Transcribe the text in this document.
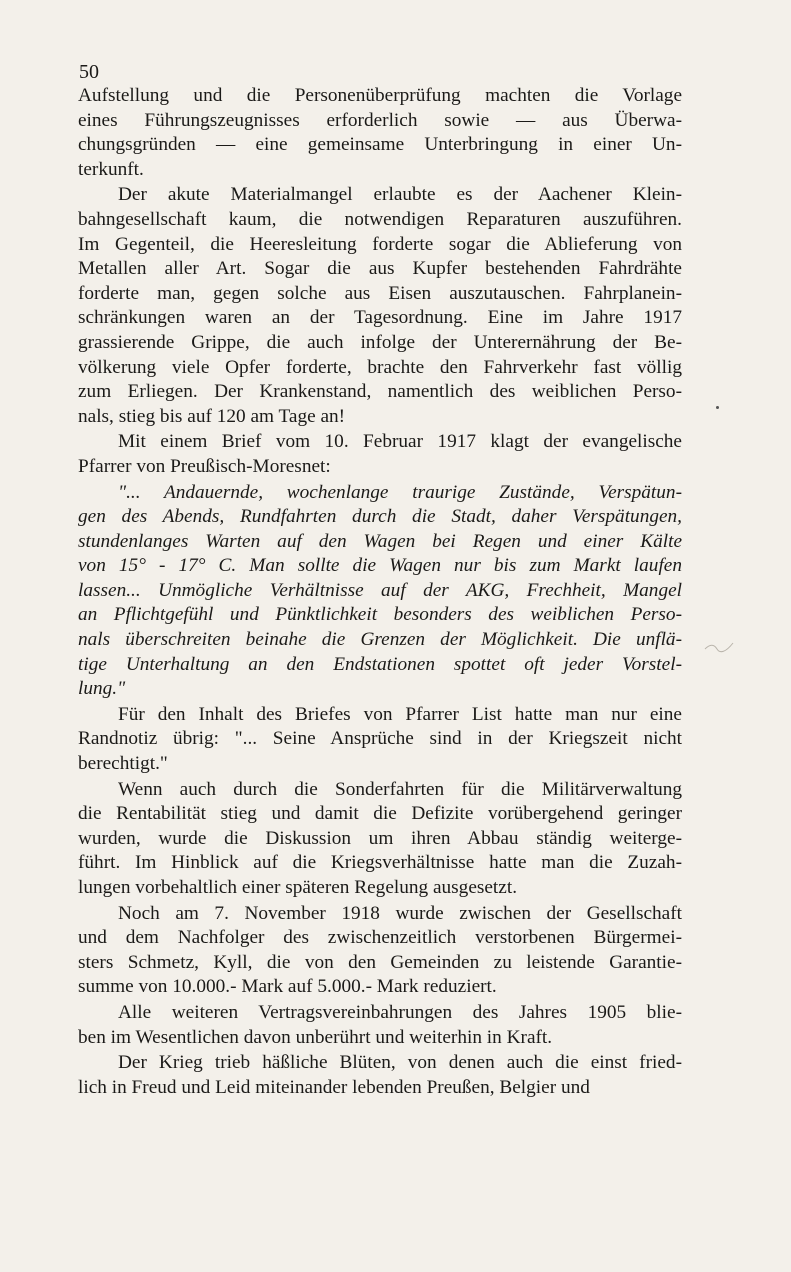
50

Aufstellung und die Personenüberprüfung machten die Vorlage
eines Führungszeugnisses erforderlich sowie — aus Überwa-
chungsgründen — eine gemeinsame Unterbringung in einer Un-
terkunft.

Der akute Materialmangel erlaubte es der Aachener Klein-
bahngesellschaft kaum, die notwendigen Reparaturen auszuführen.
Im Gegenteil, die Heeresleitung forderte sogar die Ablieferung von
Metallen aller Art. Sogar die aus Kupfer bestehenden Fahrdrähte
forderte man, gegen solche aus Eisen auszutauschen. Fahrplanein-
schränkungen waren an der Tagesordnung. Eine im Jahre 1917
grassierende Grippe, die auch infolge der Unterernährung der Be-
völkerung viele Opfer forderte, brachte den Fahrverkehr fast völlig
zum Erliegen. Der Krankenstand, namentlich des weiblichen Perso-
nals, stieg bis auf 120 am Tage an!

Mit einem Brief vom 10. Februar 1917 klagt der evangelische
Pfarrer von Preußisch-Moresnet:

"... Andauernde, wochenlange traurige Zustände, Verspätun-
gen des Abends, Rundfahrten durch die Stadt, daher Verspätungen,
stundenlanges Warten auf den Wagen bei Regen und einer Kälte
von 15° - 17° C. Man sollte die Wagen nur bis zum Markt laufen
lassen... Unmögliche Verhältnisse auf der AKG, Frechheit, Mangel
an Pflichtgefühl und Pünktlichkeit besonders des weiblichen Perso-
nals überschreiten beinahe die Grenzen der Möglichkeit. Die unflä-
tige Unterhaltung an den Endstationen spottet oft jeder Vorstel-
lung."

Für den Inhalt des Briefes von Pfarrer List hatte man nur eine
Randnotiz übrig: "... Seine Ansprüche sind in der Kriegszeit nicht
berechtigt."

Wenn auch durch die Sonderfahrten für die Militärverwaltung
die Rentabilität stieg und damit die Defizite vorübergehend geringer
wurden, wurde die Diskussion um ihren Abbau ständig weiterge-
führt. Im Hinblick auf die Kriegsverhältnisse hatte man die Zuzah-
lungen vorbehaltlich einer späteren Regelung ausgesetzt.

Noch am 7. November 1918 wurde zwischen der Gesellschaft
und dem Nachfolger des zwischenzeitlich verstorbenen Bürgermei-
sters Schmetz, Kyll, die von den Gemeinden zu leistende Garantie-
summe von 10.000.- Mark auf 5.000.- Mark reduziert.

Alle weiteren Vertragsvereinbahrungen des Jahres 1905 blie-
ben im Wesentlichen davon unberührt und weiterhin in Kraft.

Der Krieg trieb häßliche Blüten, von denen auch die einst fried-
lich in Freud und Leid miteinander lebenden Preußen, Belgier und
